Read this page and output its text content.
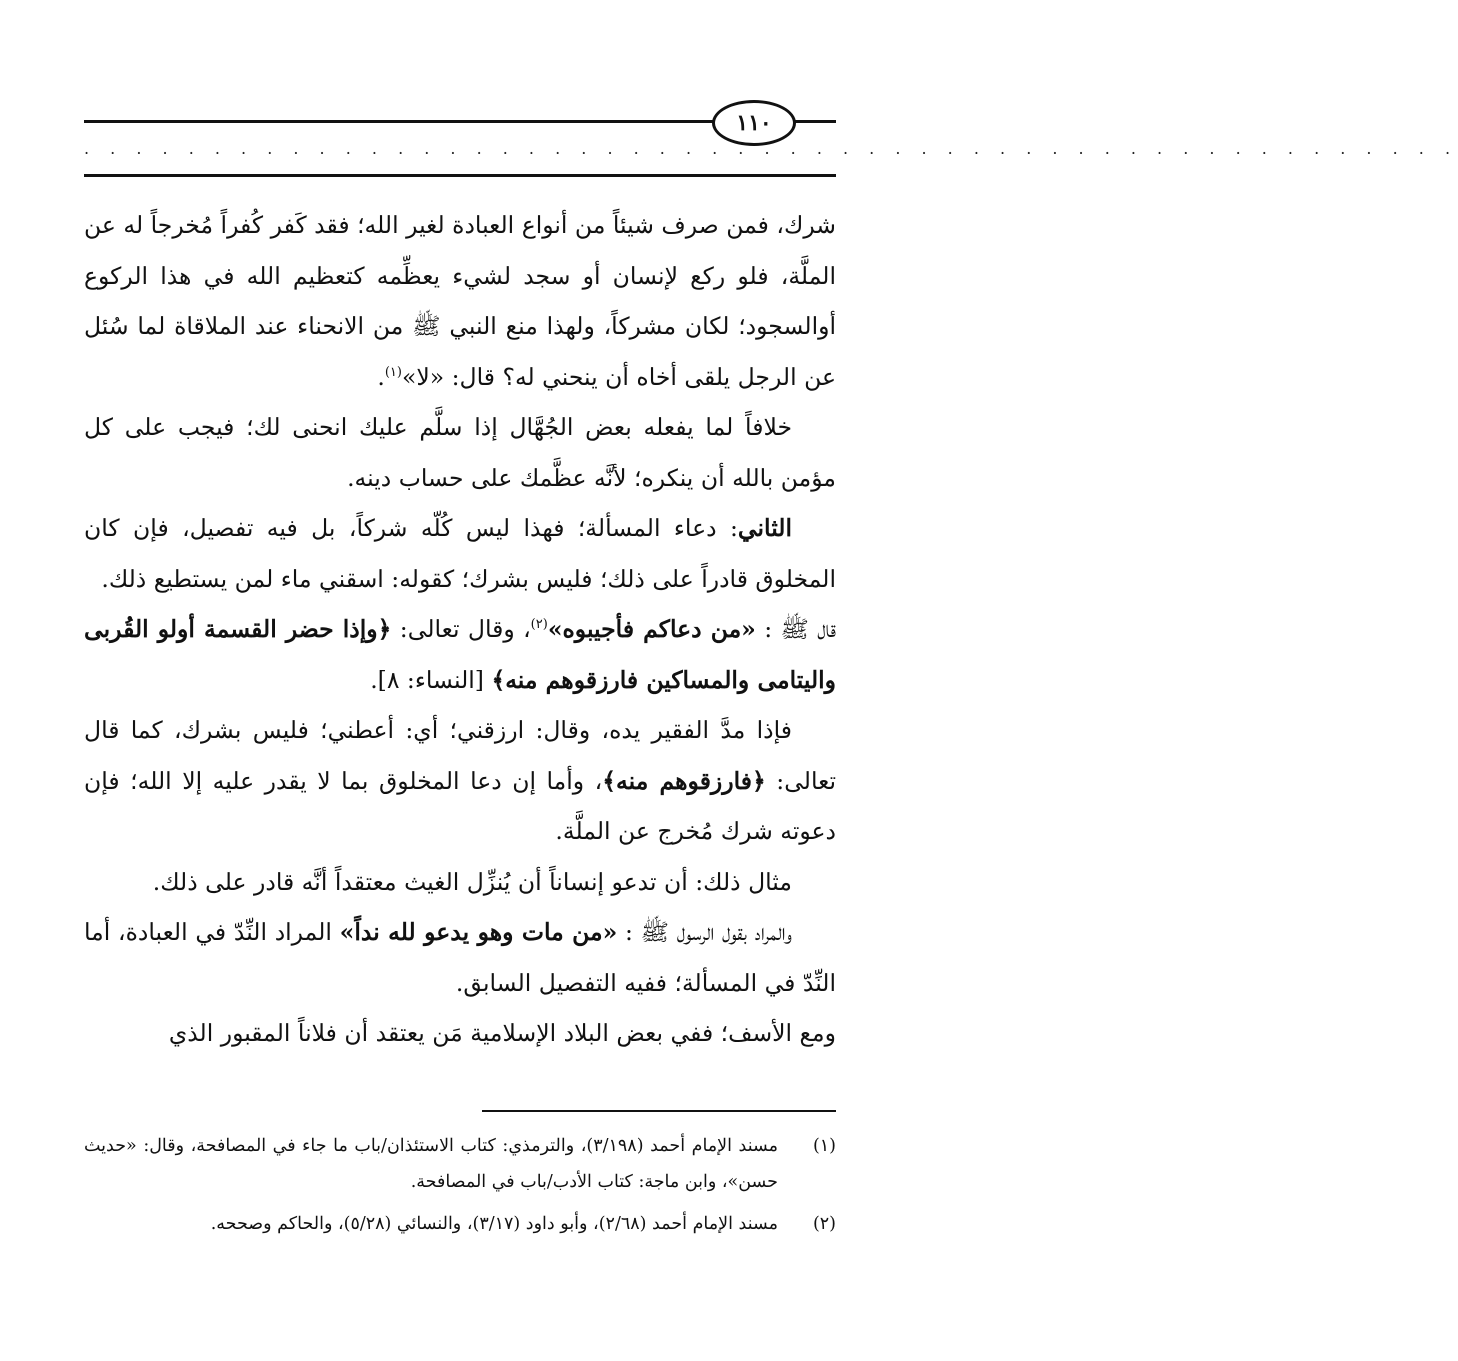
١١٠
. . . . . . . . . . . . . . . . . . . . . . . . . . . . . . . . . . . . . . . . . . . . . . . . . . . . .

شرك، فمن صرف شيئاً من أنواع العبادة لغير الله؛ فقد كَفر كُفراً مُخرجاً له عن الملَّة، فلو ركع لإنسان أو سجد لشيء يعظِّمه كتعظيم الله في هذا الركوع أوالسجود؛ لكان مشركاً، ولهذا منع النبي ﷺ من الانحناء عند الملاقاة لما سُئل عن الرجل يلقى أخاه أن ينحني له؟ قال: «لا»$^{(١)}$.

خلافاً لما يفعله بعض الجُهَّال إذا سلَّم عليك انحنى لك؛ فيجب على كل مؤمن بالله أن ينكره؛ لأنَّه عظَّمك على حساب دينه.

الثاني: دعاء المسألة؛ فهذا ليس كُلّه شركاً، بل فيه تفصيل، فإن كان المخلوق قادراً على ذلك؛ فليس بشرك؛ كقوله: اسقني ماء لمن يستطيع ذلك.

قال ﷺ : «من دعاكم فأجيبوه»$^{(٢)}$، وقال تعالى: ﴿وإذا حضر القسمة أولو القُربى واليتامى والمساكين فارزقوهم منه﴾ [النساء: ٨].

فإذا مدَّ الفقير يده، وقال: ارزقني؛ أي: أعطني؛ فليس بشرك، كما قال تعالى: ﴿فارزقوهم منه﴾، وأما إن دعا المخلوق بما لا يقدر عليه إلا الله؛ فإن دعوته شرك مُخرج عن الملَّة.

مثال ذلك: أن تدعو إنساناً أن يُنزِّل الغيث معتقداً أنَّه قادر على ذلك.

والمراد بقول الرسول ﷺ : «من مات وهو يدعو لله نداً» المراد النِّدّ في العبادة، أما النِّدّ في المسألة؛ ففيه التفصيل السابق.

ومع الأسف؛ ففي بعض البلاد الإسلامية مَن يعتقد أن فلاناً المقبور الذي

(١)
مسند الإمام أحمد (٣/١٩٨)، والترمذي: كتاب الاستئذان/باب ما جاء في المصافحة، وقال: «حديث حسن»، وابن ماجة: كتاب الأدب/باب في المصافحة.
(٢)
مسند الإمام أحمد (٢/٦٨)، وأبو داود (٣/١٧)، والنسائي (٥/٢٨)، والحاكم وصححه.
